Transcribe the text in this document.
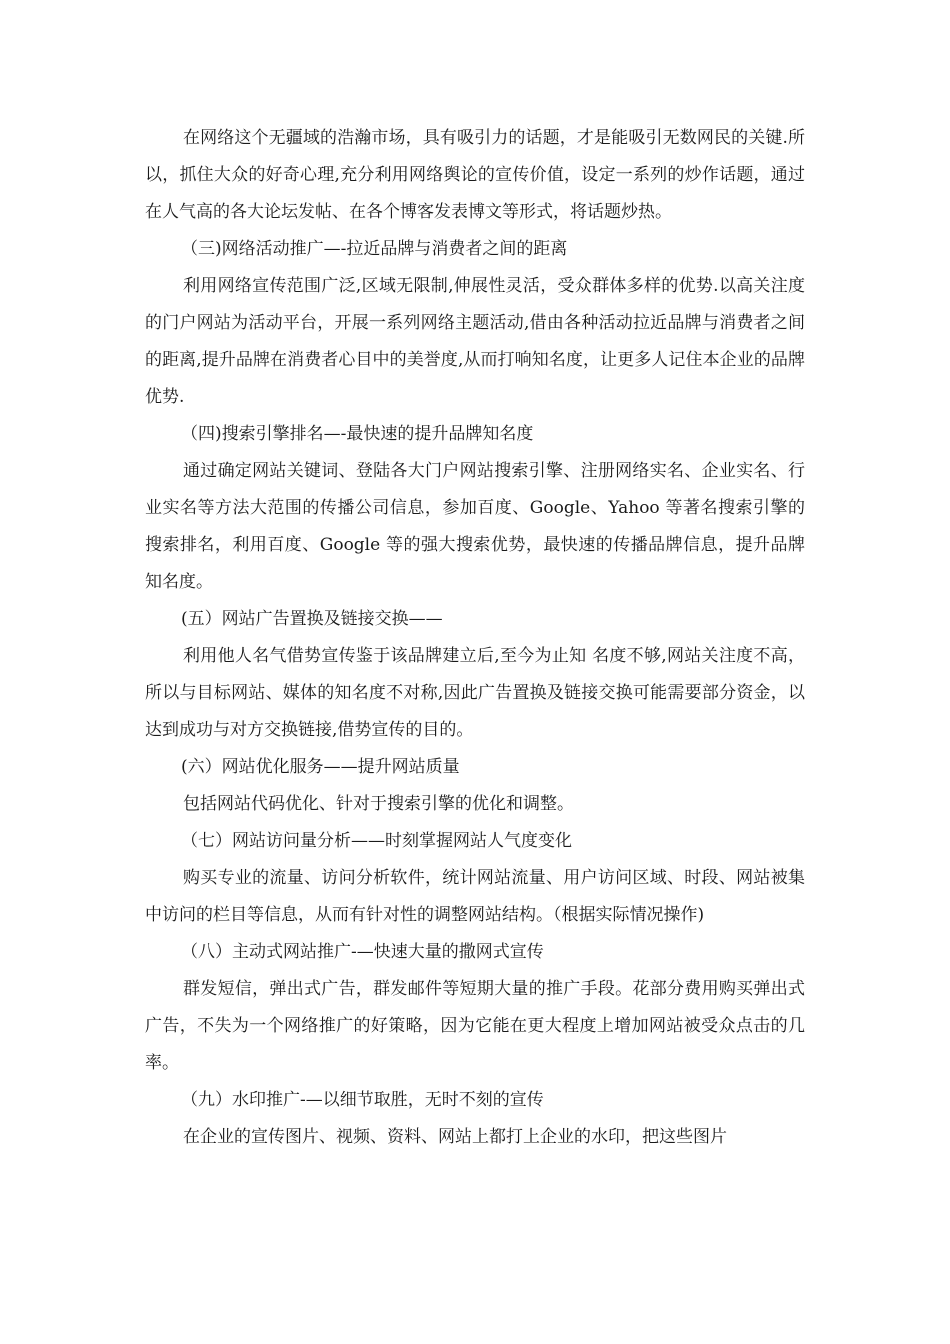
在网络这个无疆域的浩瀚市场，具有吸引力的话题，才是能吸引无数网民的关键.所以，抓住大众的好奇心理,充分利用网络舆论的宣传价值，设定一系列的炒作话题，通过在人气高的各大论坛发帖、在各个博客发表博文等形式，将话题炒热。

（三)网络活动推广—-拉近品牌与消费者之间的距离

利用网络宣传范围广泛,区域无限制,伸展性灵活，受众群体多样的优势.以高关注度的门户网站为活动平台，开展一系列网络主题活动,借由各种活动拉近品牌与消费者之间的距离,提升品牌在消费者心目中的美誉度,从而打响知名度，让更多人记住本企业的品牌优势.

（四)搜索引擎排名—-最快速的提升品牌知名度

通过确定网站关键词、登陆各大门户网站搜索引擎、注册网络实名、企业实名、行业实名等方法大范围的传播公司信息，参加百度、Google、Yahoo 等著名搜索引擎的搜索排名，利用百度、Google 等的强大搜索优势，最快速的传播品牌信息，提升品牌知名度。

(五）网站广告置换及链接交换——

利用他人名气借势宣传鉴于该品牌建立后,至今为止知 名度不够,网站关注度不高，所以与目标网站、媒体的知名度不对称,因此广告置换及链接交换可能需要部分资金，以达到成功与对方交换链接,借势宣传的目的。

(六）网站优化服务——提升网站质量

包括网站代码优化、针对于搜索引擎的优化和调整。

（七）网站访问量分析——时刻掌握网站人气度变化

购买专业的流量、访问分析软件，统计网站流量、用户访问区域、时段、网站被集中访问的栏目等信息，从而有针对性的调整网站结构。（根据实际情况操作)

（八）主动式网站推广-—快速大量的撒网式宣传

群发短信，弹出式广告，群发邮件等短期大量的推广手段。花部分费用购买弹出式广告，不失为一个网络推广的好策略，因为它能在更大程度上增加网站被受众点击的几率。

（九）水印推广-—以细节取胜，无时不刻的宣传

在企业的宣传图片、视频、资料、网站上都打上企业的水印，把这些图片
